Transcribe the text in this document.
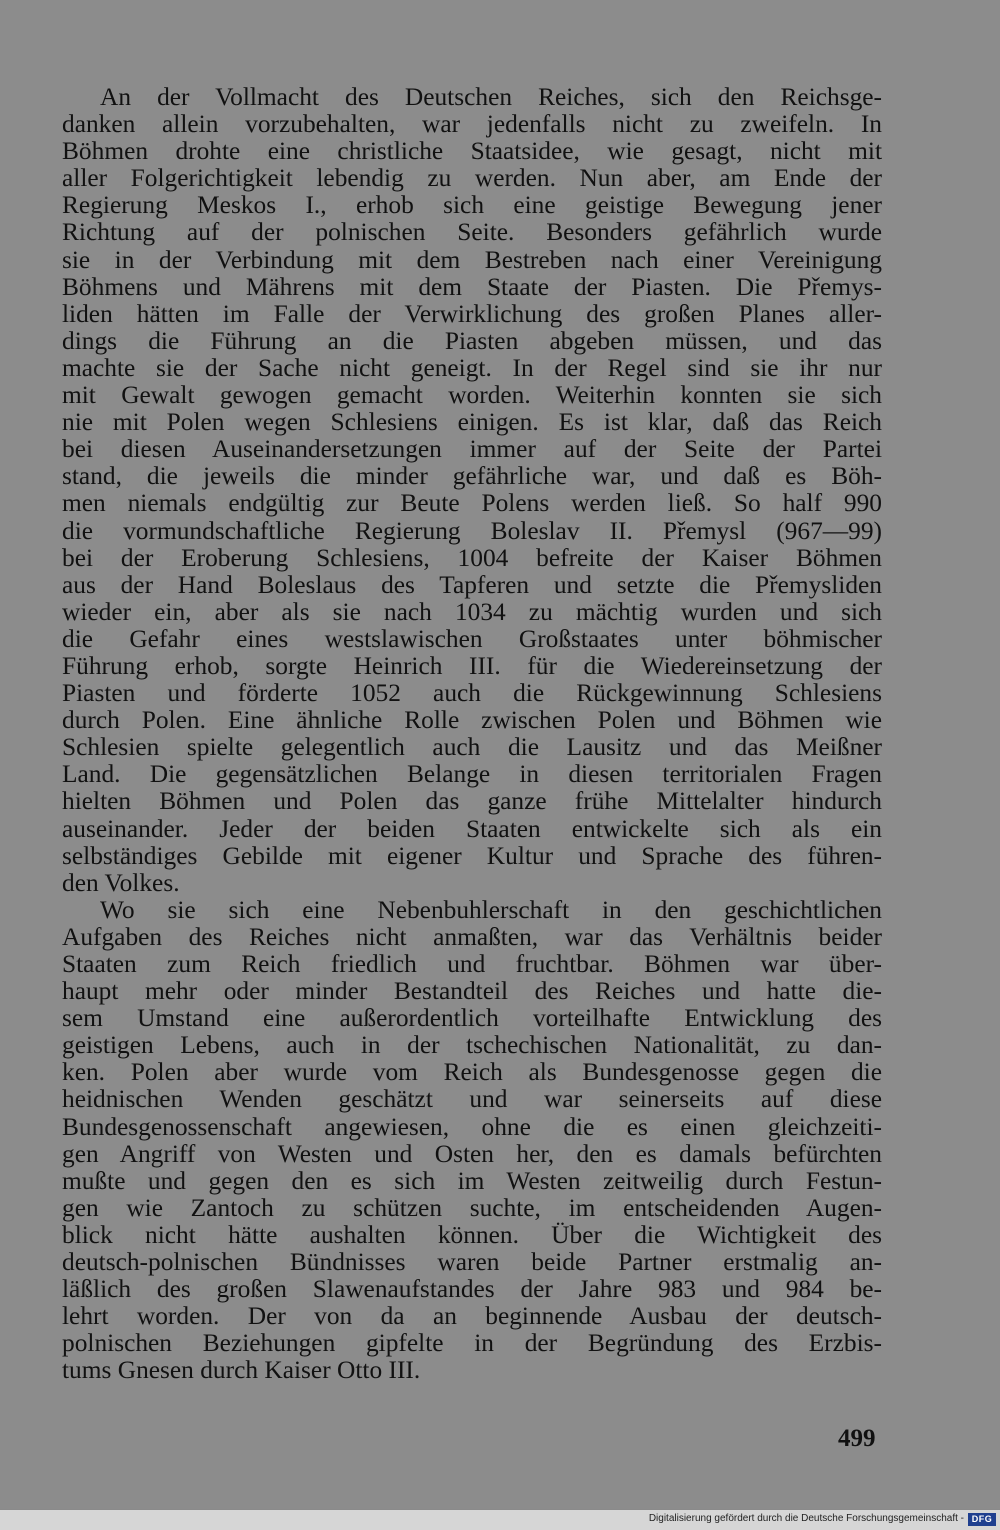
An der Vollmacht des Deutschen Reiches, sich den Reichsge-
danken allein vorzubehalten, war jedenfalls nicht zu zweifeln. In
Böhmen drohte eine christliche Staatsidee, wie gesagt, nicht mit
aller Folgerichtigkeit lebendig zu werden. Nun aber, am Ende der
Regierung Meskos I., erhob sich eine geistige Bewegung jener
Richtung auf der polnischen Seite. Besonders gefährlich wurde
sie in der Verbindung mit dem Bestreben nach einer Vereinigung
Böhmens und Mährens mit dem Staate der Piasten. Die Přemys-
liden hätten im Falle der Verwirklichung des großen Planes aller-
dings die Führung an die Piasten abgeben müssen, und das
machte sie der Sache nicht geneigt. In der Regel sind sie ihr nur
mit Gewalt gewogen gemacht worden. Weiterhin konnten sie sich
nie mit Polen wegen Schlesiens einigen. Es ist klar, daß das Reich
bei diesen Auseinandersetzungen immer auf der Seite der Partei
stand, die jeweils die minder gefährliche war, und daß es Böh-
men niemals endgültig zur Beute Polens werden ließ. So half 990
die vormundschaftliche Regierung Boleslav II. Přemysl (967—99)
bei der Eroberung Schlesiens, 1004 befreite der Kaiser Böhmen
aus der Hand Boleslaus des Tapferen und setzte die Přemysliden
wieder ein, aber als sie nach 1034 zu mächtig wurden und sich
die Gefahr eines westslawischen Großstaates unter böhmischer
Führung erhob, sorgte Heinrich III. für die Wiedereinsetzung der
Piasten und förderte 1052 auch die Rückgewinnung Schlesiens
durch Polen. Eine ähnliche Rolle zwischen Polen und Böhmen wie
Schlesien spielte gelegentlich auch die Lausitz und das Meißner
Land. Die gegensätzlichen Belange in diesen territorialen Fragen
hielten Böhmen und Polen das ganze frühe Mittelalter hindurch
auseinander. Jeder der beiden Staaten entwickelte sich als ein
selbständiges Gebilde mit eigener Kultur und Sprache des führen-
den Volkes.

Wo sie sich eine Nebenbuhlerschaft in den geschichtlichen
Aufgaben des Reiches nicht anmaßten, war das Verhältnis beider
Staaten zum Reich friedlich und fruchtbar. Böhmen war über-
haupt mehr oder minder Bestandteil des Reiches und hatte die-
sem Umstand eine außerordentlich vorteilhafte Entwicklung des
geistigen Lebens, auch in der tschechischen Nationalität, zu dan-
ken. Polen aber wurde vom Reich als Bundesgenosse gegen die
heidnischen Wenden geschätzt und war seinerseits auf diese
Bundesgenossenschaft angewiesen, ohne die es einen gleichzeiti-
gen Angriff von Westen und Osten her, den es damals befürchten
mußte und gegen den es sich im Westen zeitweilig durch Festun-
gen wie Zantoch zu schützen suchte, im entscheidenden Augen-
blick nicht hätte aushalten können. Über die Wichtigkeit des
deutsch-polnischen Bündnisses waren beide Partner erstmalig an-
läßlich des großen Slawenaufstandes der Jahre 983 und 984 be-
lehrt worden. Der von da an beginnende Ausbau der deutsch-
polnischen Beziehungen gipfelte in der Begründung des Erzbis-
tums Gnesen durch Kaiser Otto III.

499
Digitalisierung gefördert durch die Deutsche Forschungsgemeinschaft - DFG
